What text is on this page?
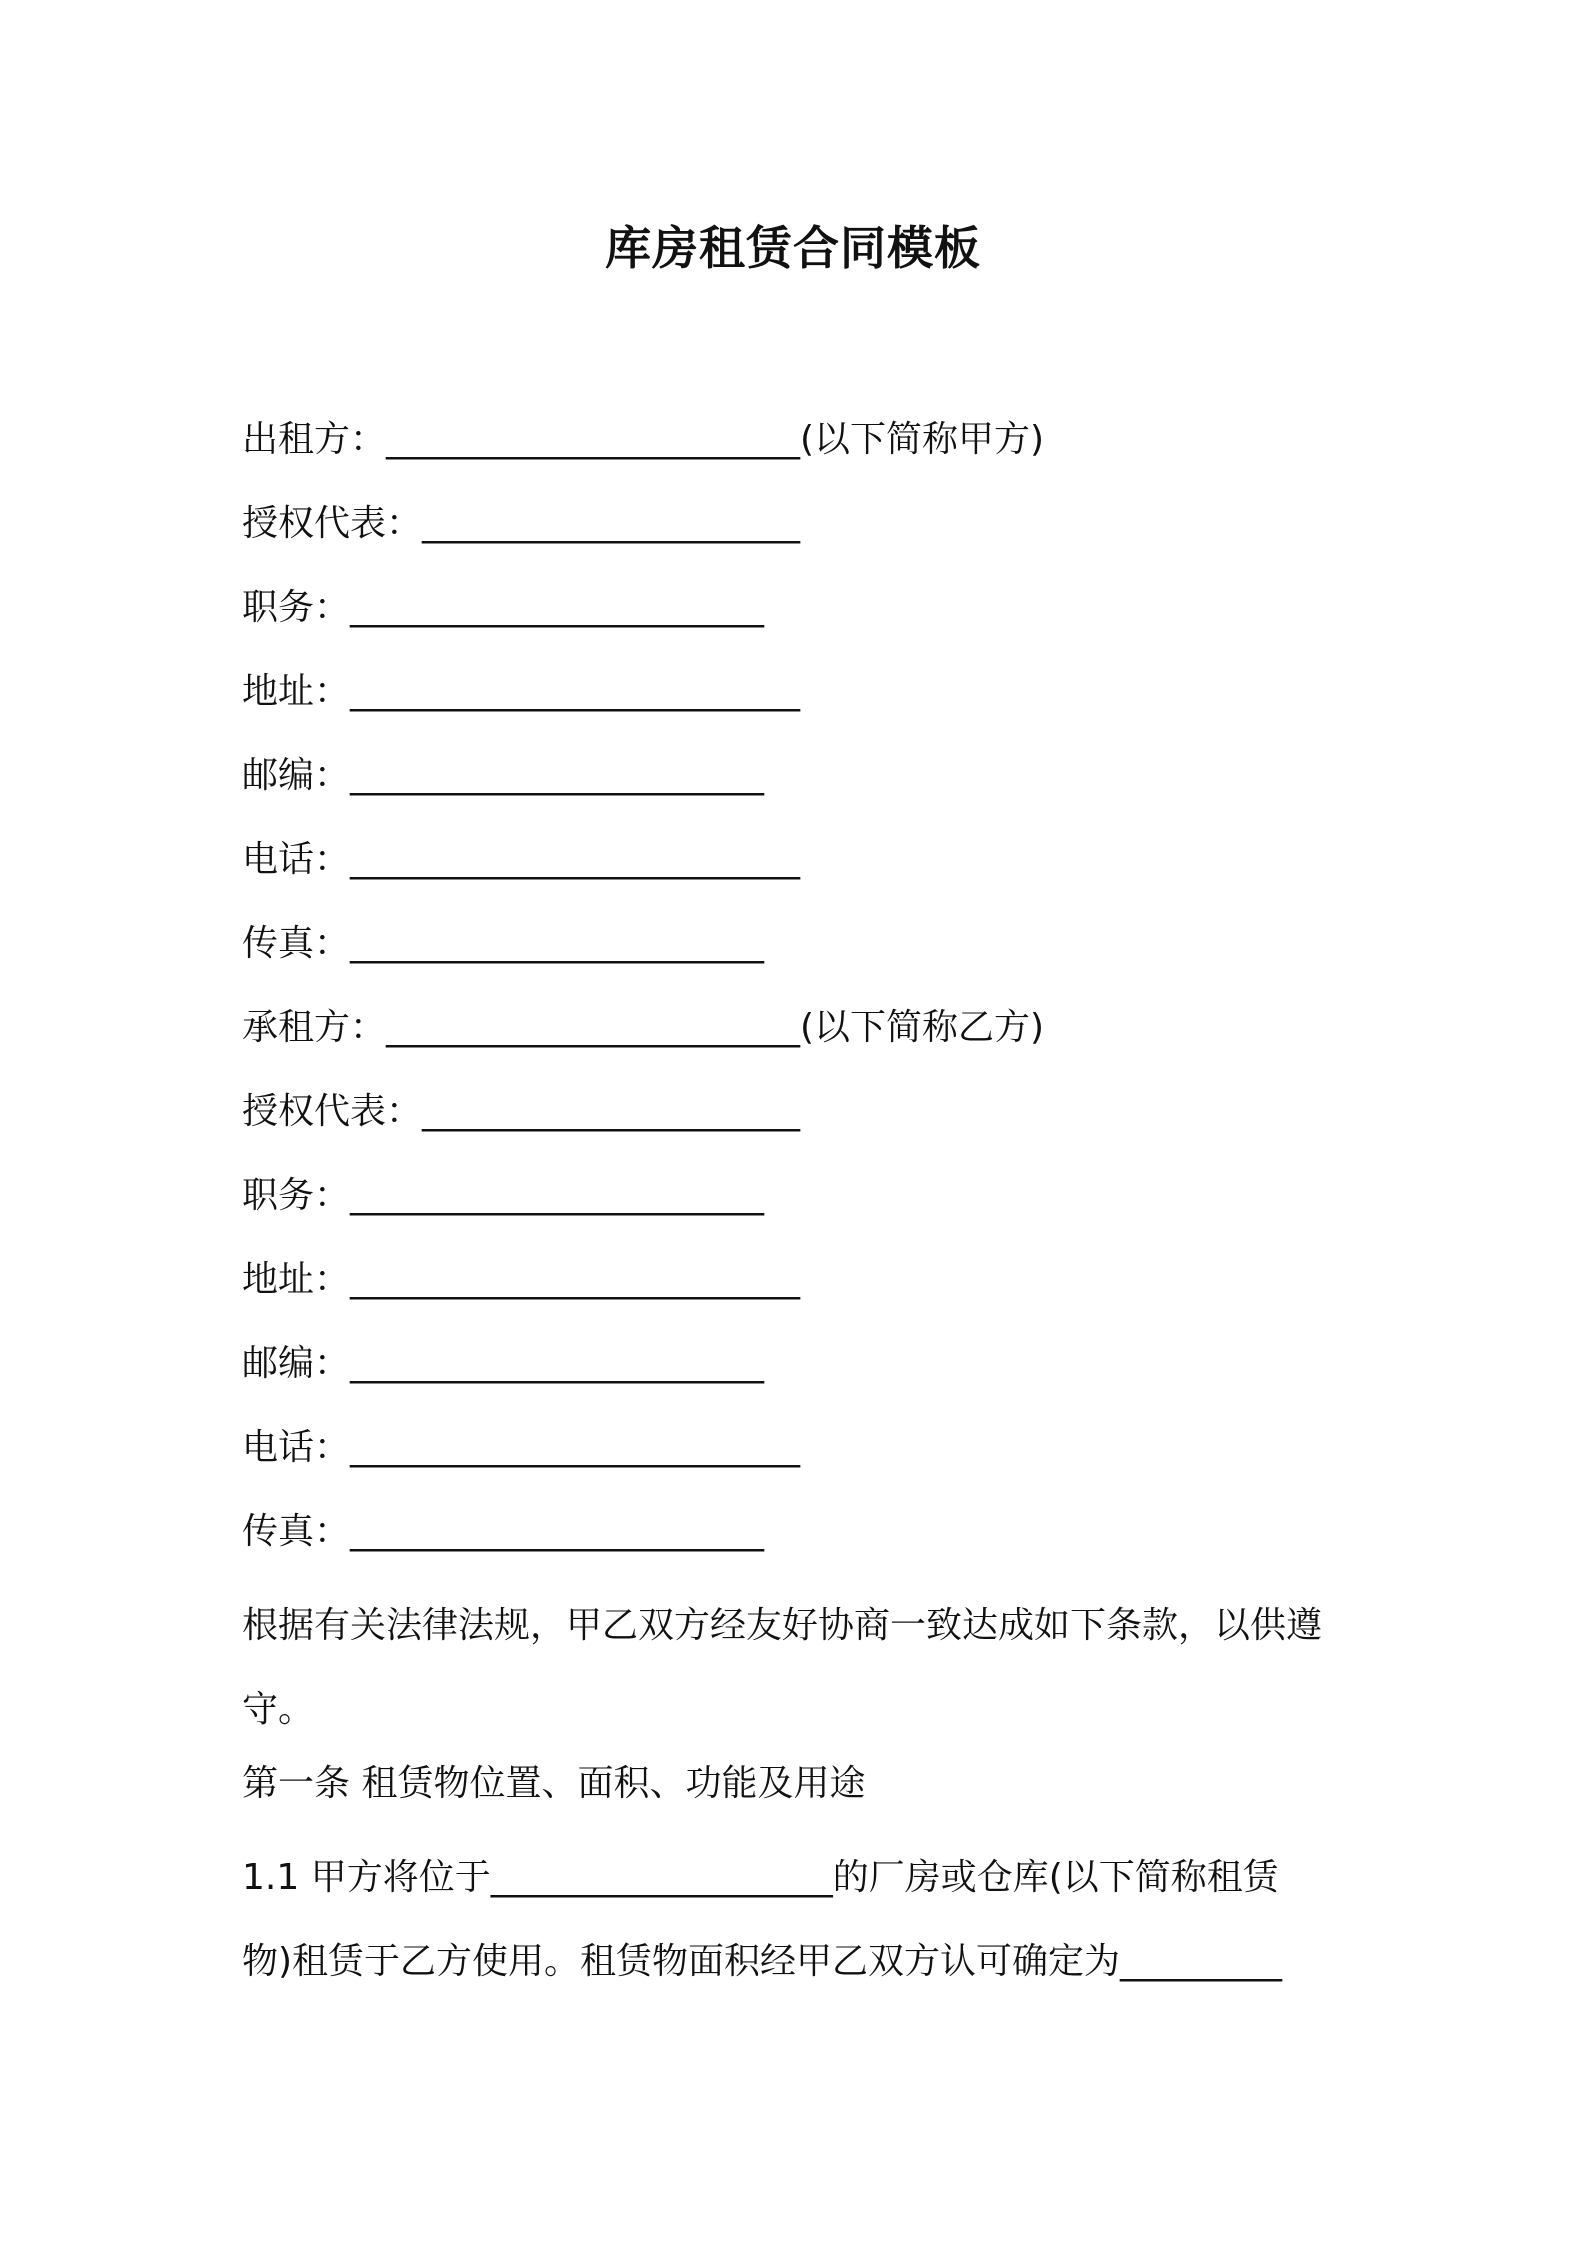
库房租赁合同模板
出租方：_______________________(以下简称甲方)
授权代表：_____________________
职务：_______________________
地址：_________________________
邮编：_______________________
电话：_________________________
传真：_______________________
承租方：_______________________(以下简称乙方)
授权代表：_____________________
职务：_______________________
地址：_________________________
邮编：_______________________
电话：_________________________
传真：_______________________
根据有关法律法规，甲乙双方经友好协商一致达成如下条款，以供遵
守。
第一条 租赁物位置、面积、功能及用途
1.1 甲方将位于___________________的厂房或仓库(以下简称租赁
物)租赁于乙方使用。租赁物面积经甲乙双方认可确定为_________
